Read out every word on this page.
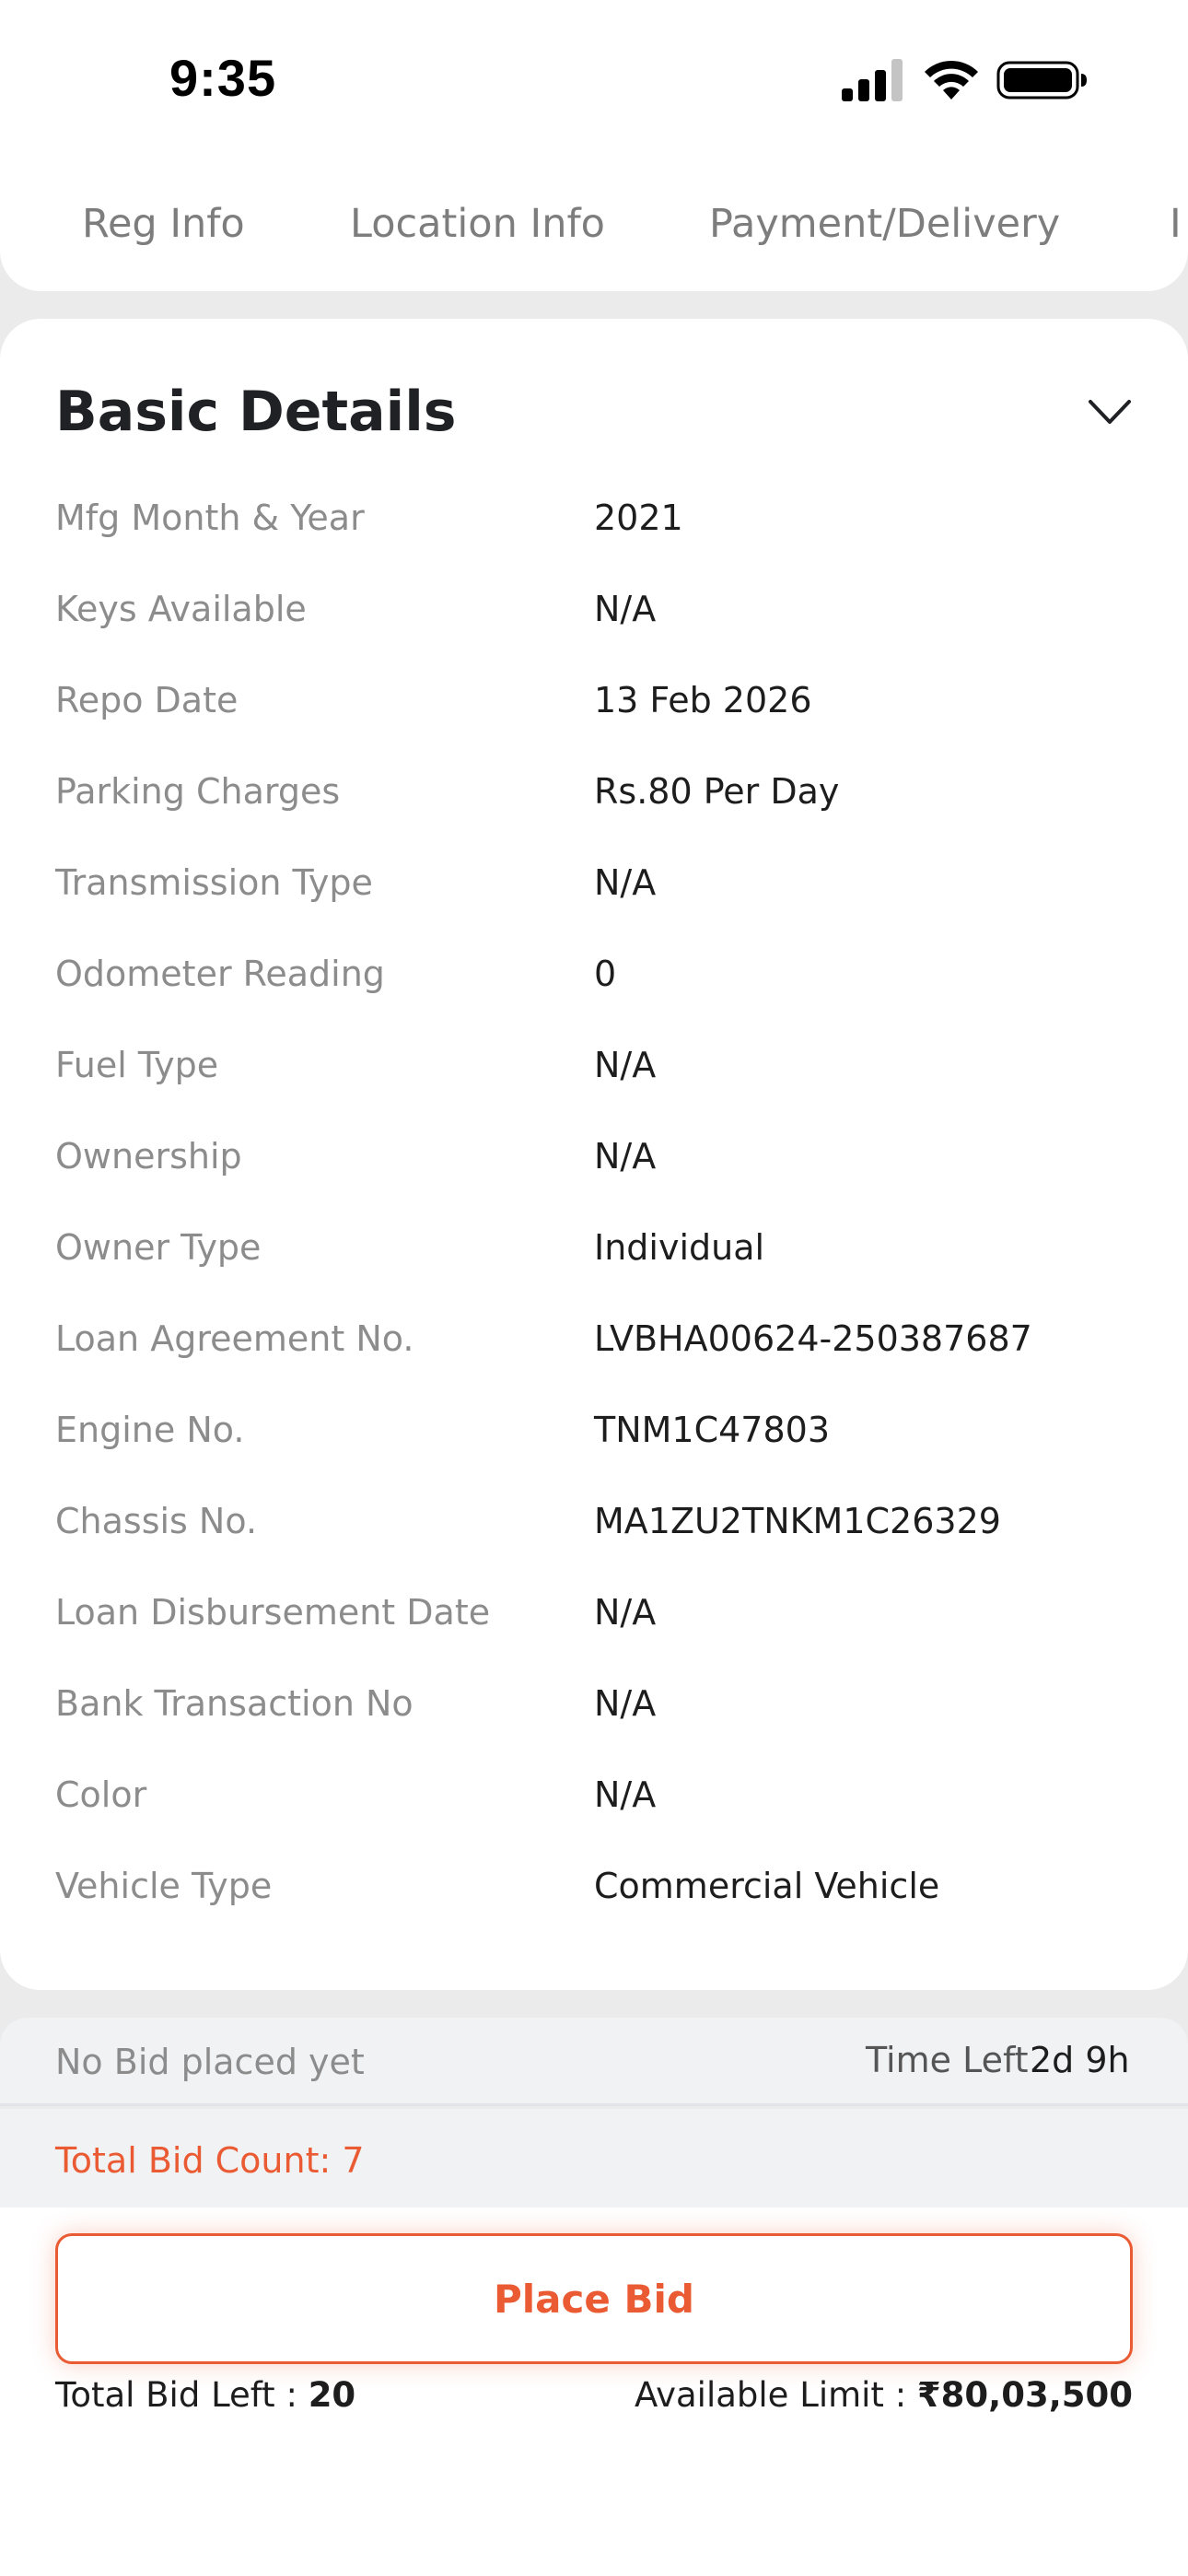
9:35
Reg Info	Location Info	Payment/Delivery	I
Basic Details
Mfg Month & Year	2021
Keys Available	N/A
Repo Date	13 Feb 2026
Parking Charges	Rs.80 Per Day
Transmission Type	N/A
Odometer Reading	0
Fuel Type	N/A
Ownership	N/A
Owner Type	Individual
Loan Agreement No.	LVBHA00624-250387687
Engine No.	TNM1C47803
Chassis No.	MA1ZU2TNKM1C26329
Loan Disbursement Date	N/A
Bank Transaction No	N/A
Color	N/A
Vehicle Type	Commercial Vehicle
No Bid placed yet	Time Left 2d 9h
Total Bid Count: 7
Place Bid
Total Bid Left : 20	Available Limit : ₹80,03,500
